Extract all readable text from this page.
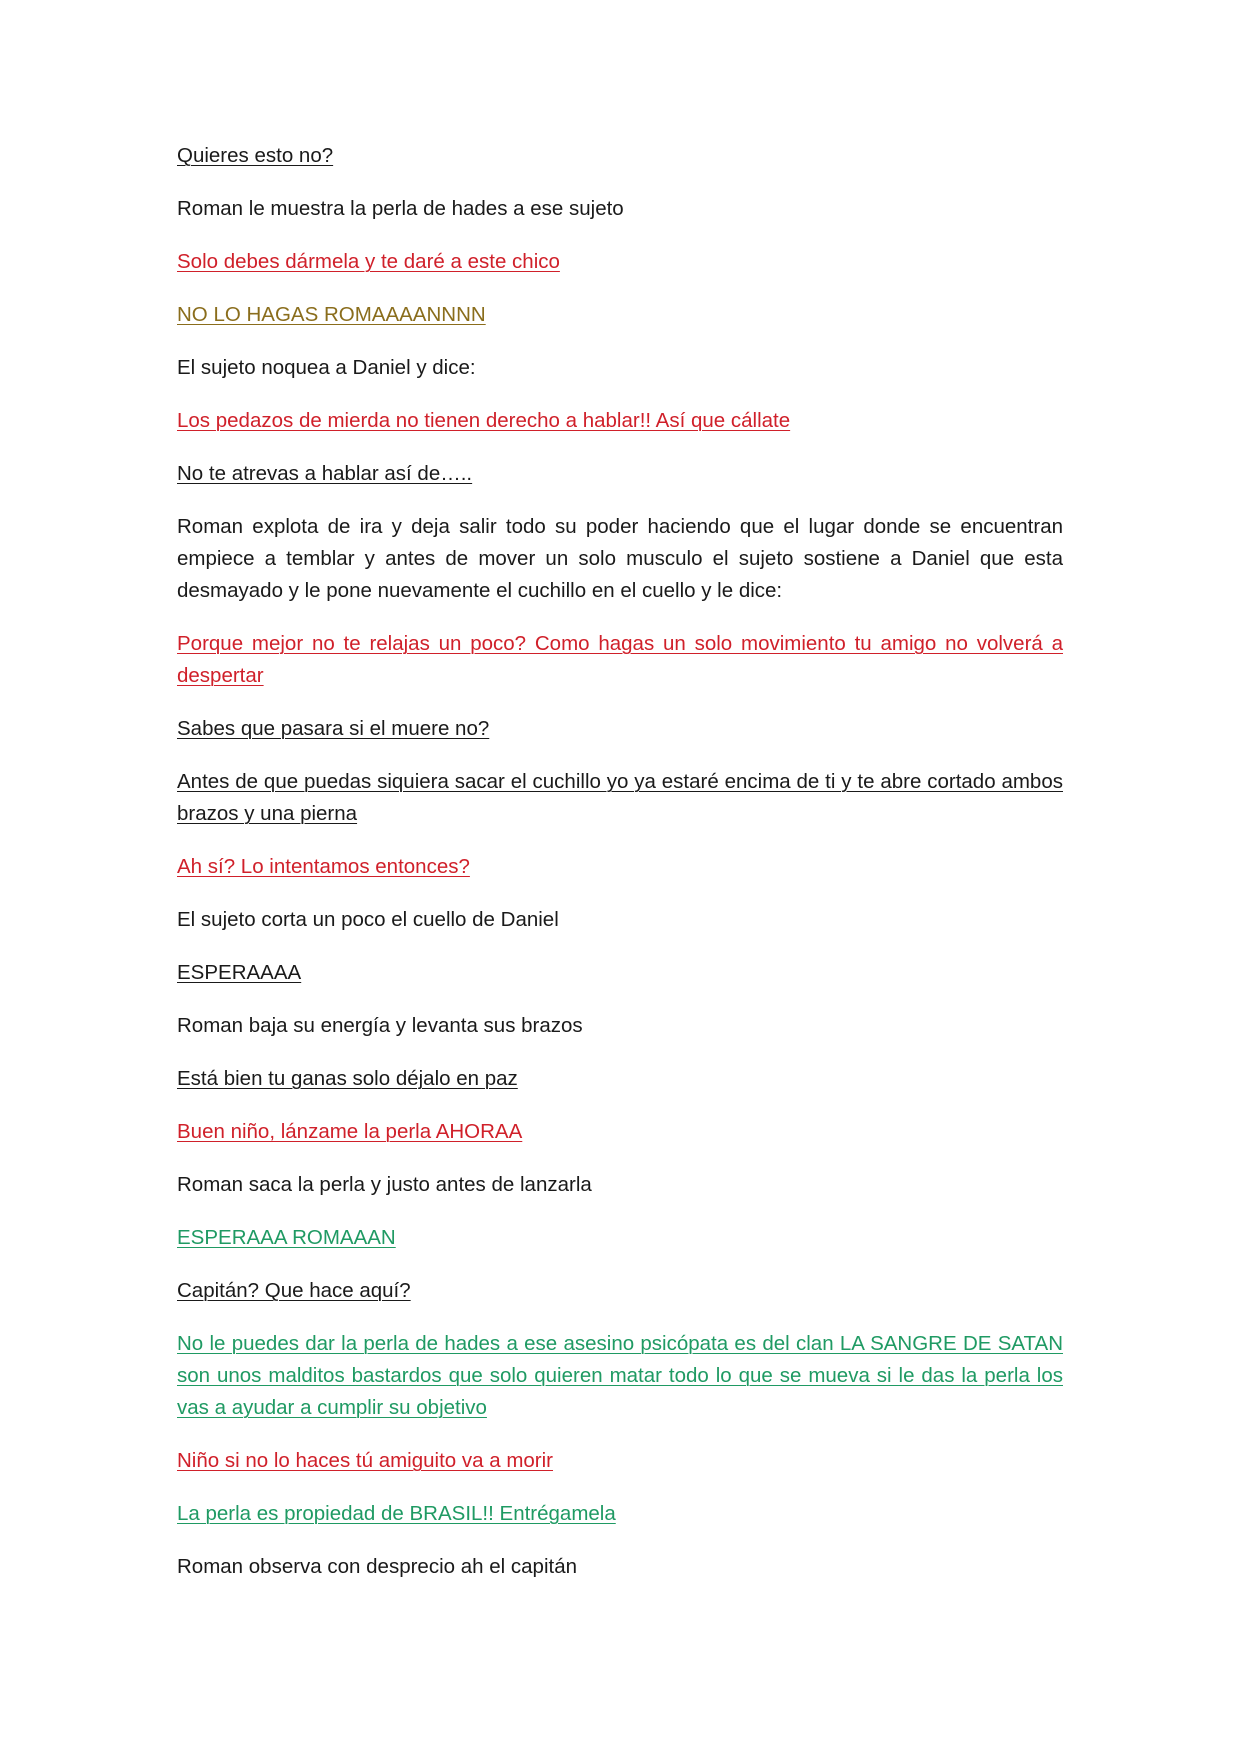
Quieres esto no?

Roman le muestra la perla de hades a ese sujeto

Solo debes dármela y te daré a este chico

NO LO HAGAS ROMAAAANNNN

El sujeto noquea a Daniel y dice:

Los pedazos de mierda no tienen derecho a hablar!! Así que cállate

No te atrevas a hablar así de…..

Roman explota de ira y deja salir todo su poder haciendo que el lugar donde se encuentran empiece a temblar y antes de mover un solo musculo el sujeto sostiene a Daniel que esta desmayado y le pone nuevamente el cuchillo en el cuello y le dice:

Porque mejor no te relajas un poco? Como hagas un solo movimiento tu amigo no volverá a despertar

Sabes que pasara si el muere no?

Antes de que puedas siquiera sacar el cuchillo yo ya estaré encima de ti y te abre cortado ambos brazos y una pierna

Ah sí? Lo intentamos entonces?

El sujeto corta un poco el cuello de Daniel

ESPERAAAA

Roman baja su energía y levanta sus brazos

Está bien tu ganas solo déjalo en paz

Buen niño, lánzame la perla AHORAA

Roman saca la perla y justo antes de lanzarla

ESPERAAA ROMAAAN

Capitán? Que hace aquí?

No le puedes dar la perla de hades a ese asesino psicópata es del clan LA SANGRE DE SATAN son unos malditos bastardos que solo quieren matar todo lo que se mueva si le das la perla los vas a ayudar a cumplir su objetivo

Niño si no lo haces tú amiguito va a morir

La perla es propiedad de BRASIL!! Entrégamela

Roman observa con desprecio ah el capitán
